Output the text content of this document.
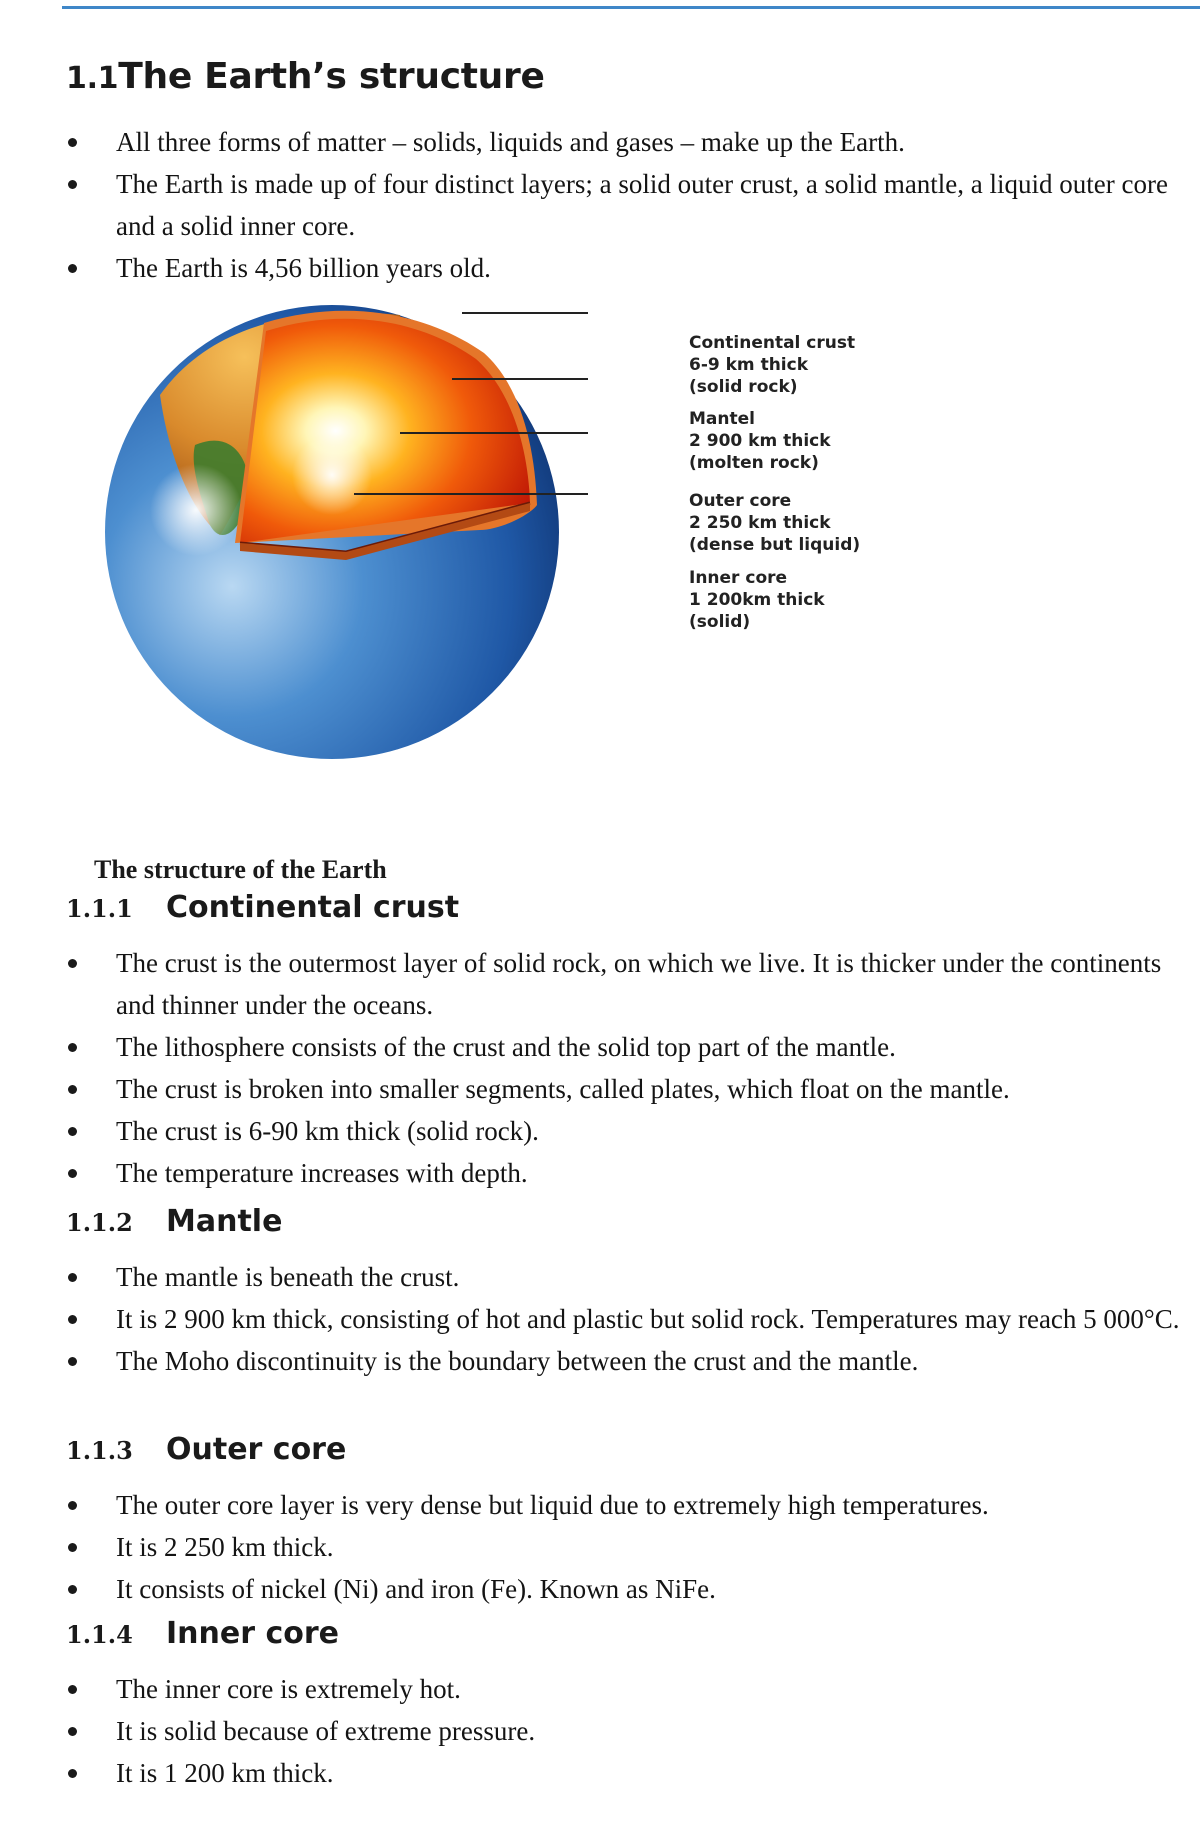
1.1The Earth’s structure
All three forms of matter – solids, liquids and gases – make up the Earth.
The Earth is made up of four distinct layers; a solid outer crust, a solid mantle, a liquid outer core and a solid inner core.
The Earth is 4,56 billion years old.
Continental crust
6-9 km thick
(solid rock)
Mantel
2 900 km thick
(molten rock)
Outer core
2 250 km thick
(dense but liquid)
Inner core
1 200km thick
(solid)

The structure of the Earth

1.1.1 Continental crust
The crust is the outermost layer of solid rock, on which we live. It is thicker under the continents and thinner under the oceans.
The lithosphere consists of the crust and the solid top part of the mantle.
The crust is broken into smaller segments, called plates, which float on the mantle.
The crust is 6-90 km thick (solid rock).
The temperature increases with depth.
1.1.2 Mantle
The mantle is beneath the crust.
It is 2 900 km thick, consisting of hot and plastic but solid rock. Temperatures may reach 5 000°C.
The Moho discontinuity is the boundary between the crust and the mantle.
1.1.3 Outer core
The outer core layer is very dense but liquid due to extremely high temperatures.
It is 2 250 km thick.
It consists of nickel (Ni) and iron (Fe). Known as NiFe.
1.1.4 Inner core
The inner core is extremely hot.
It is solid because of extreme pressure.
It is 1 200 km thick.
